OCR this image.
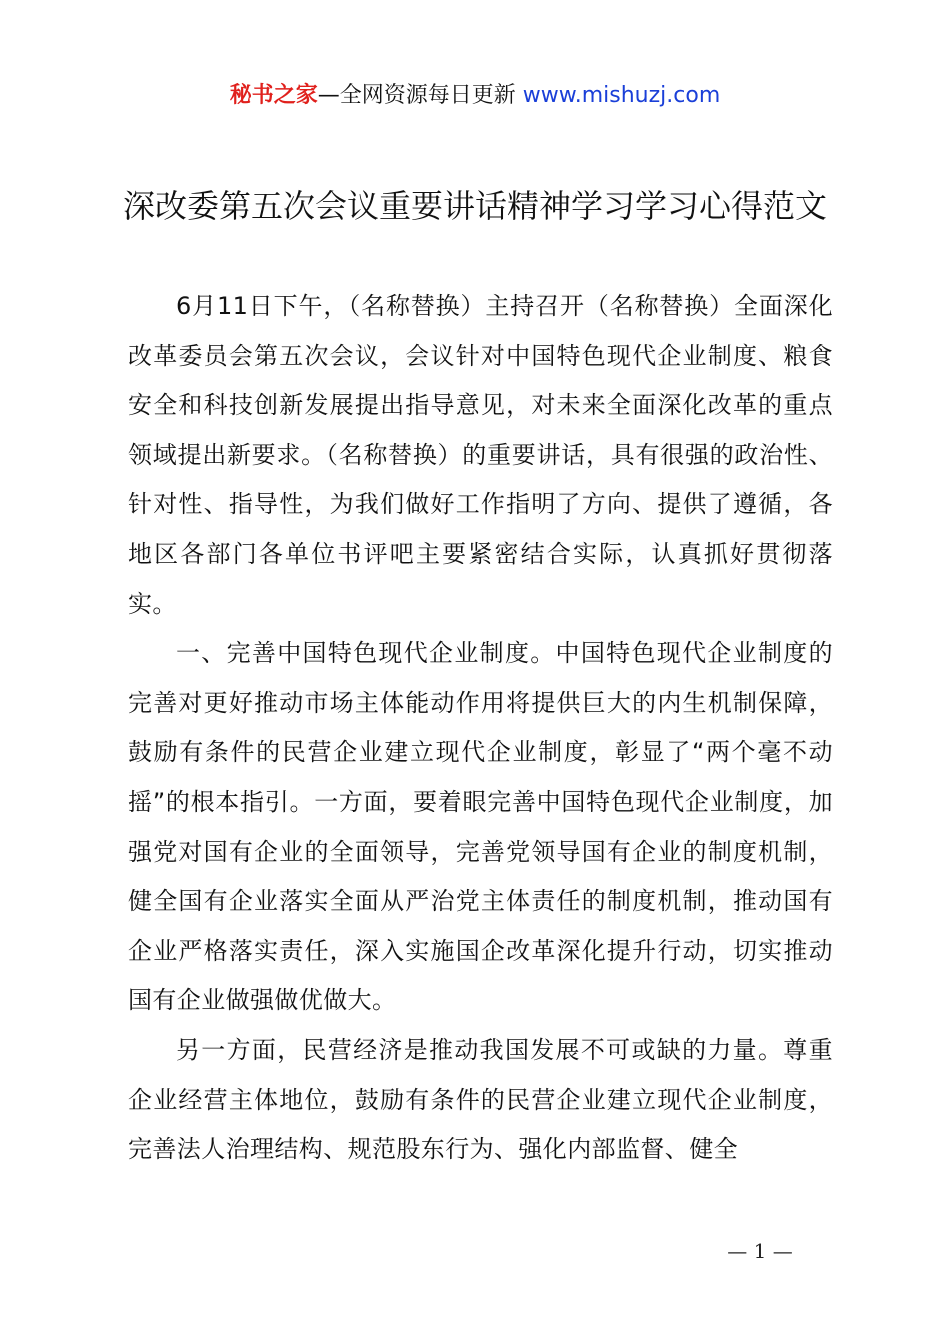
秘书之家—全网资源每日更新 www.mishuzj.com
深改委第五次会议重要讲话精神学习学习心得范文

6月11日下午，（名称替换）主持召开（名称替换）全面深化改革委员会第五次会议，会议针对中国特色现代企业制度、粮食安全和科技创新发展提出指导意见，对未来全面深化改革的重点领域提出新要求。（名称替换）的重要讲话，具有很强的政治性、针对性、指导性，为我们做好工作指明了方向、提供了遵循，各地区各部门各单位书评吧主要紧密结合实际，认真抓好贯彻落实。

一、完善中国特色现代企业制度。中国特色现代企业制度的完善对更好推动市场主体能动作用将提供巨大的内生机制保障，鼓励有条件的民营企业建立现代企业制度，彰显了“两个毫不动摇”的根本指引。一方面，要着眼完善中国特色现代企业制度，加强党对国有企业的全面领导，完善党领导国有企业的制度机制，健全国有企业落实全面从严治党主体责任的制度机制，推动国有企业严格落实责任，深入实施国企改革深化提升行动，切实推动国有企业做强做优做大。

另一方面，民营经济是推动我国发展不可或缺的力量。尊重企业经营主体地位，鼓励有条件的民营企业建立现代企业制度，完善法人治理结构、规范股东行为、强化内部监督、健全

— 1 —
